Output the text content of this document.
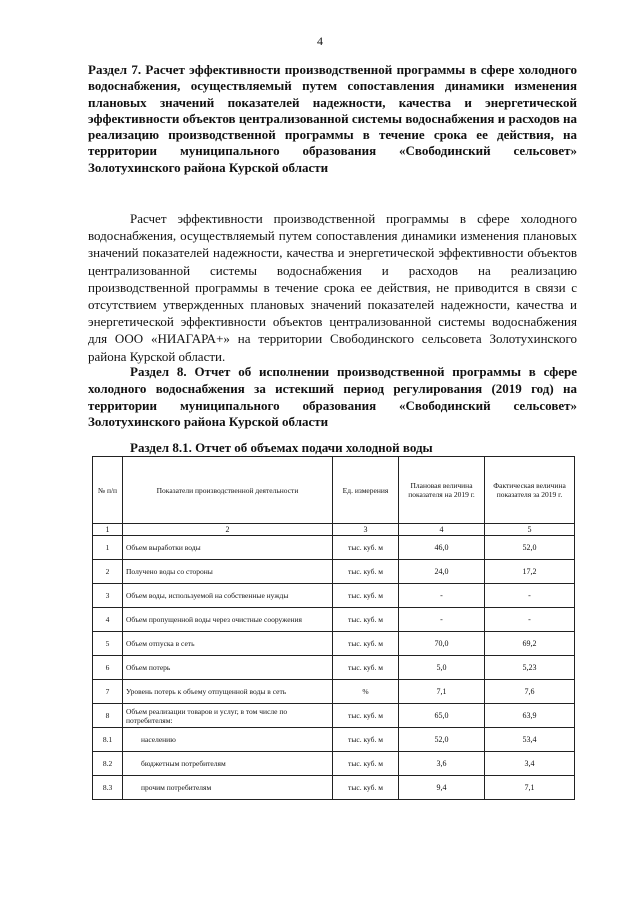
4
Раздел 7. Расчет эффективности производственной программы в сфере холодного водоснабжения, осуществляемый путем сопоставления динамики изменения плановых значений показателей надежности, качества и энергетической эффективности объектов централизованной системы водоснабжения и расходов на реализацию производственной программы в течение срока ее действия, на территории муниципального образования «Свободинский сельсовет» Золотухинского района Курской области
Расчет эффективности производственной программы в сфере холодного водоснабжения, осуществляемый путем сопоставления динамики изменения плановых значений показателей надежности, качества и энергетической эффективности объектов централизованной системы водоснабжения и расходов на реализацию производственной программы в течение срока ее действия, не приводится в связи с отсутствием утвержденных плановых значений показателей надежности, качества и энергетической эффективности объектов централизованной системы водоснабжения для ООО «НИАГАРА+» на территории Свободинского сельсовета Золотухинского района Курской области.
Раздел 8. Отчет об исполнении производственной программы в сфере холодного водоснабжения за истекший период регулирования (2019 год) на территории муниципального образования «Свободинский сельсовет» Золотухинского района Курской области
Раздел 8.1. Отчет об объемах подачи холодной воды
№ п/п	Показатели производственной деятельности	Ед. измерения	Плановая величина показателя на 2019 г.	Фактическая величина показателя за 2019 г.
1	2	3	4	5
1	Объем выработки воды	тыс. куб. м	46,0	52,0
2	Получено воды со стороны	тыс. куб. м	24,0	17,2
3	Объем воды, используемой на собственные нужды	тыс. куб. м	-	-
4	Объем пропущенной воды через очистные сооружения	тыс. куб. м	-	-
5	Объем отпуска в сеть	тыс. куб. м	70,0	69,2
6	Объем потерь	тыс. куб. м	5,0	5,23
7	Уровень потерь к объему отпущенной воды в сеть	%	7,1	7,6
8	Объем реализации товаров и услуг, в том числе по потребителям:	тыс. куб. м	65,0	63,9
8.1	населению	тыс. куб. м	52,0	53,4
8.2	бюджетным потребителям	тыс. куб. м	3,6	3,4
8.3	прочим потребителям	тыс. куб. м	9,4	7,1
